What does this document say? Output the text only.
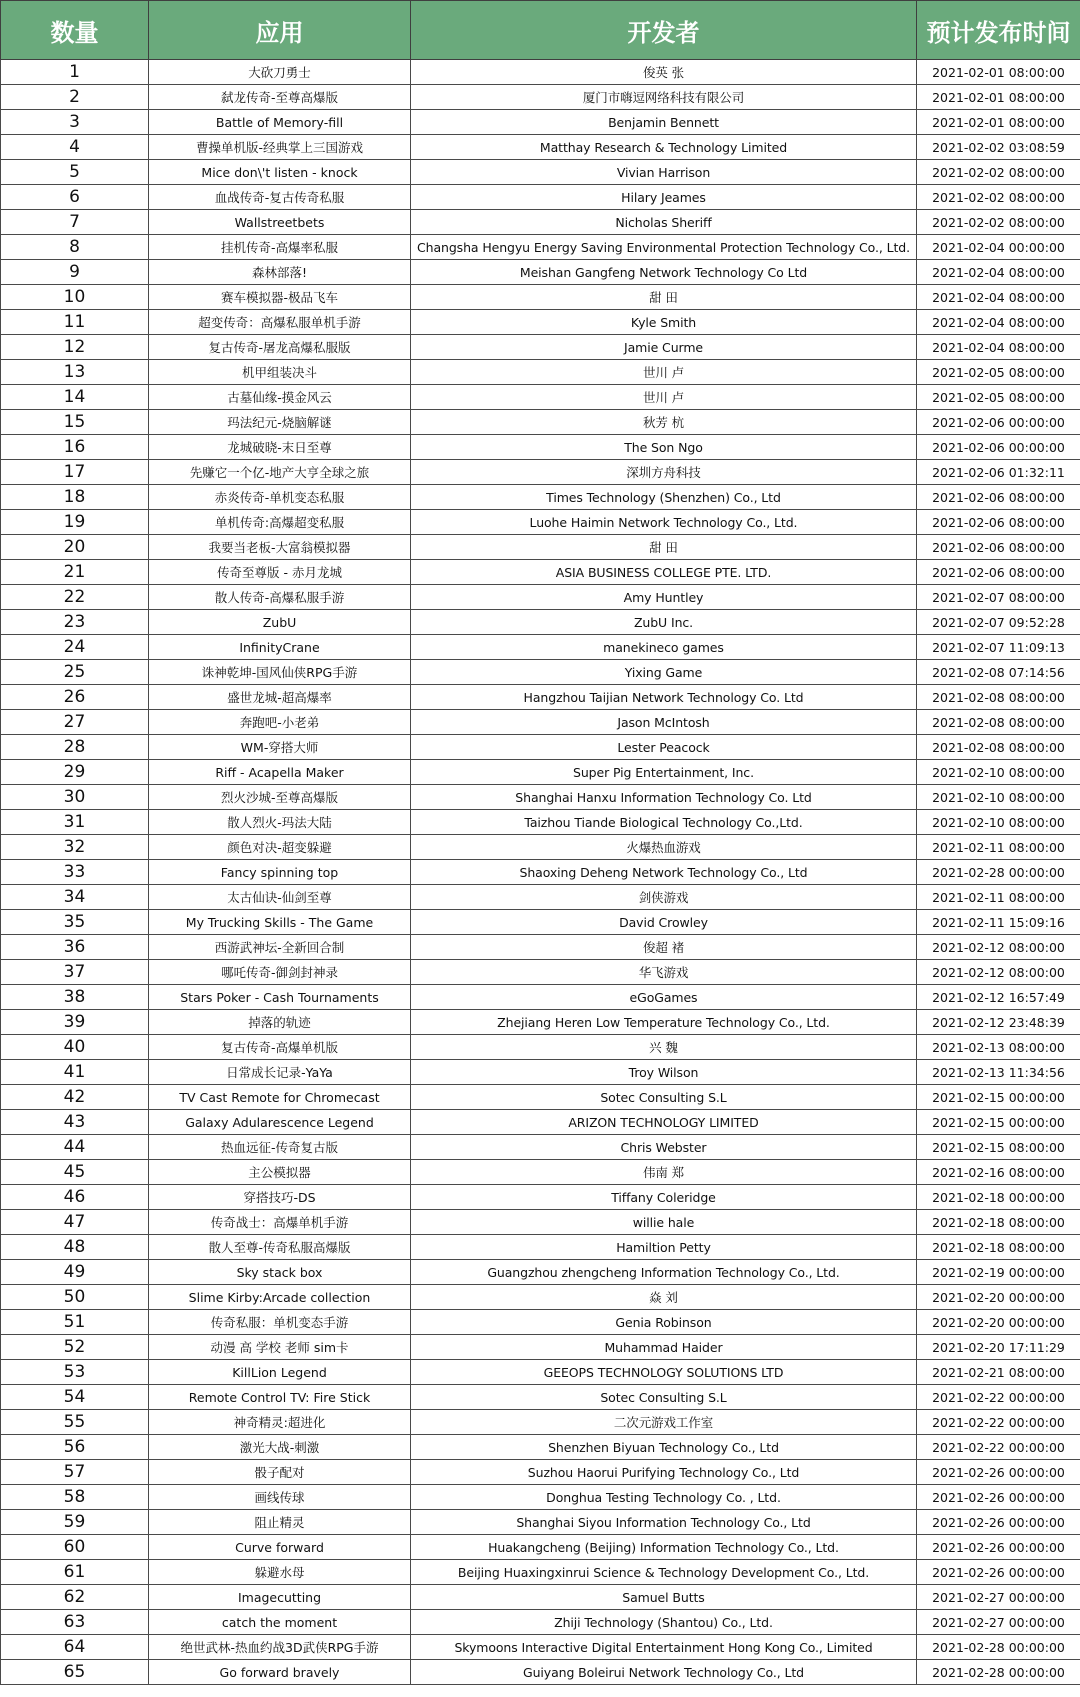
数量	应用	开发者	预计发布时间
1	大砍刀勇士	俊英 张	2021-02-01 08:00:00
2	弑龙传奇-至尊高爆版	厦门市嗨逗网络科技有限公司	2021-02-01 08:00:00
3	Battle of Memory-fill	Benjamin Bennett	2021-02-01 08:00:00
4	曹操单机版-经典掌上三国游戏	Matthay Research & Technology Limited	2021-02-02 03:08:59
5	Mice don\'t listen - knock	Vivian Harrison	2021-02-02 08:00:00
6	血战传奇-复古传奇私服	Hilary Jeames	2021-02-02 08:00:00
7	Wallstreetbets	Nicholas Sheriff	2021-02-02 08:00:00
8	挂机传奇-高爆率私服	Changsha Hengyu Energy Saving Environmental Protection Technology Co., Ltd.	2021-02-04 00:00:00
9	森林部落!	Meishan Gangfeng Network Technology Co Ltd	2021-02-04 08:00:00
10	赛车模拟器-极品飞车	甜 田	2021-02-04 08:00:00
11	超变传奇：高爆私服单机手游	Kyle Smith	2021-02-04 08:00:00
12	复古传奇-屠龙高爆私服版	Jamie Curme	2021-02-04 08:00:00
13	机甲组装决斗	世川 卢	2021-02-05 08:00:00
14	古墓仙缘-摸金风云	世川 卢	2021-02-05 08:00:00
15	玛法纪元-烧脑解谜	秋芳 杭	2021-02-06 00:00:00
16	龙城破晓-末日至尊	The Son Ngo	2021-02-06 00:00:00
17	先赚它一个亿-地产大亨全球之旅	深圳方舟科技	2021-02-06 01:32:11
18	赤炎传奇-单机变态私服	Times Technology (Shenzhen) Co., Ltd	2021-02-06 08:00:00
19	单机传奇:高爆超变私服	Luohe Haimin Network Technology Co., Ltd.	2021-02-06 08:00:00
20	我要当老板-大富翁模拟器	甜 田	2021-02-06 08:00:00
21	传奇至尊版 - 赤月龙城	ASIA BUSINESS COLLEGE PTE. LTD.	2021-02-06 08:00:00
22	散人传奇-高爆私服手游	Amy Huntley	2021-02-07 08:00:00
23	ZubU	ZubU Inc.	2021-02-07 09:52:28
24	InfinityCrane	manekineco games	2021-02-07 11:09:13
25	诛神乾坤-国风仙侠RPG手游	Yixing Game	2021-02-08 07:14:56
26	盛世龙城-超高爆率	Hangzhou Taijian Network Technology Co. Ltd	2021-02-08 08:00:00
27	奔跑吧-小老弟	Jason McIntosh	2021-02-08 08:00:00
28	WM-穿搭大师	Lester Peacock	2021-02-08 08:00:00
29	Riff - Acapella Maker	Super Pig Entertainment, Inc.	2021-02-10 08:00:00
30	烈火沙城-至尊高爆版	Shanghai Hanxu Information Technology Co. Ltd	2021-02-10 08:00:00
31	散人烈火-玛法大陆	Taizhou Tiande Biological Technology Co.,Ltd.	2021-02-10 08:00:00
32	颜色对决-超变躲避	火爆热血游戏	2021-02-11 08:00:00
33	Fancy spinning top	Shaoxing Deheng Network Technology Co., Ltd	2021-02-28 00:00:00
34	太古仙诀-仙剑至尊	剑侠游戏	2021-02-11 08:00:00
35	My Trucking Skills - The Game	David Crowley	2021-02-11 15:09:16
36	西游武神坛-全新回合制	俊超 褚	2021-02-12 08:00:00
37	哪吒传奇-御剑封神录	华飞游戏	2021-02-12 08:00:00
38	Stars Poker - Cash Tournaments	eGoGames	2021-02-12 16:57:49
39	掉落的轨迹	Zhejiang Heren Low Temperature Technology Co., Ltd.	2021-02-12 23:48:39
40	复古传奇-高爆单机版	兴 魏	2021-02-13 08:00:00
41	日常成长记录-YaYa	Troy Wilson	2021-02-13 11:34:56
42	TV Cast Remote for Chromecast	Sotec Consulting S.L	2021-02-15 00:00:00
43	Galaxy Adularescence Legend	ARIZON TECHNOLOGY LIMITED	2021-02-15 00:00:00
44	热血远征-传奇复古版	Chris Webster	2021-02-15 08:00:00
45	主公模拟器	伟南 郑	2021-02-16 08:00:00
46	穿搭技巧-DS	Tiffany Coleridge	2021-02-18 00:00:00
47	传奇战士：高爆单机手游	willie hale	2021-02-18 08:00:00
48	散人至尊-传奇私服高爆版	Hamiltion Petty	2021-02-18 08:00:00
49	Sky stack box	Guangzhou zhengcheng Information Technology Co., Ltd.	2021-02-19 00:00:00
50	Slime Kirby:Arcade collection	焱 刘	2021-02-20 00:00:00
51	传奇私服：单机变态手游	Genia Robinson	2021-02-20 00:00:00
52	动漫 高 学校 老师 sim卡	Muhammad Haider	2021-02-20 17:11:29
53	KillLion Legend	GEEOPS TECHNOLOGY SOLUTIONS LTD	2021-02-21 08:00:00
54	Remote Control TV: Fire Stick	Sotec Consulting S.L	2021-02-22 00:00:00
55	神奇精灵:超进化	二次元游戏工作室	2021-02-22 00:00:00
56	激光大战-刺激	Shenzhen Biyuan Technology Co., Ltd	2021-02-22 00:00:00
57	骰子配对	Suzhou Haorui Purifying Technology Co., Ltd	2021-02-26 00:00:00
58	画线传球	Donghua Testing Technology Co. , Ltd.	2021-02-26 00:00:00
59	阻止精灵	Shanghai Siyou Information Technology Co., Ltd	2021-02-26 00:00:00
60	Curve forward	Huakangcheng (Beijing) Information Technology Co., Ltd.	2021-02-26 00:00:00
61	躲避水母	Beijing Huaxingxinrui Science & Technology Development Co., Ltd.	2021-02-26 00:00:00
62	Imagecutting	Samuel Butts	2021-02-27 00:00:00
63	catch the moment	Zhiji Technology (Shantou) Co., Ltd.	2021-02-27 00:00:00
64	绝世武林-热血约战3D武侠RPG手游	Skymoons Interactive Digital Entertainment Hong Kong Co., Limited	2021-02-28 00:00:00
65	Go forward bravely	Guiyang Boleirui Network Technology Co., Ltd	2021-02-28 00:00:00
